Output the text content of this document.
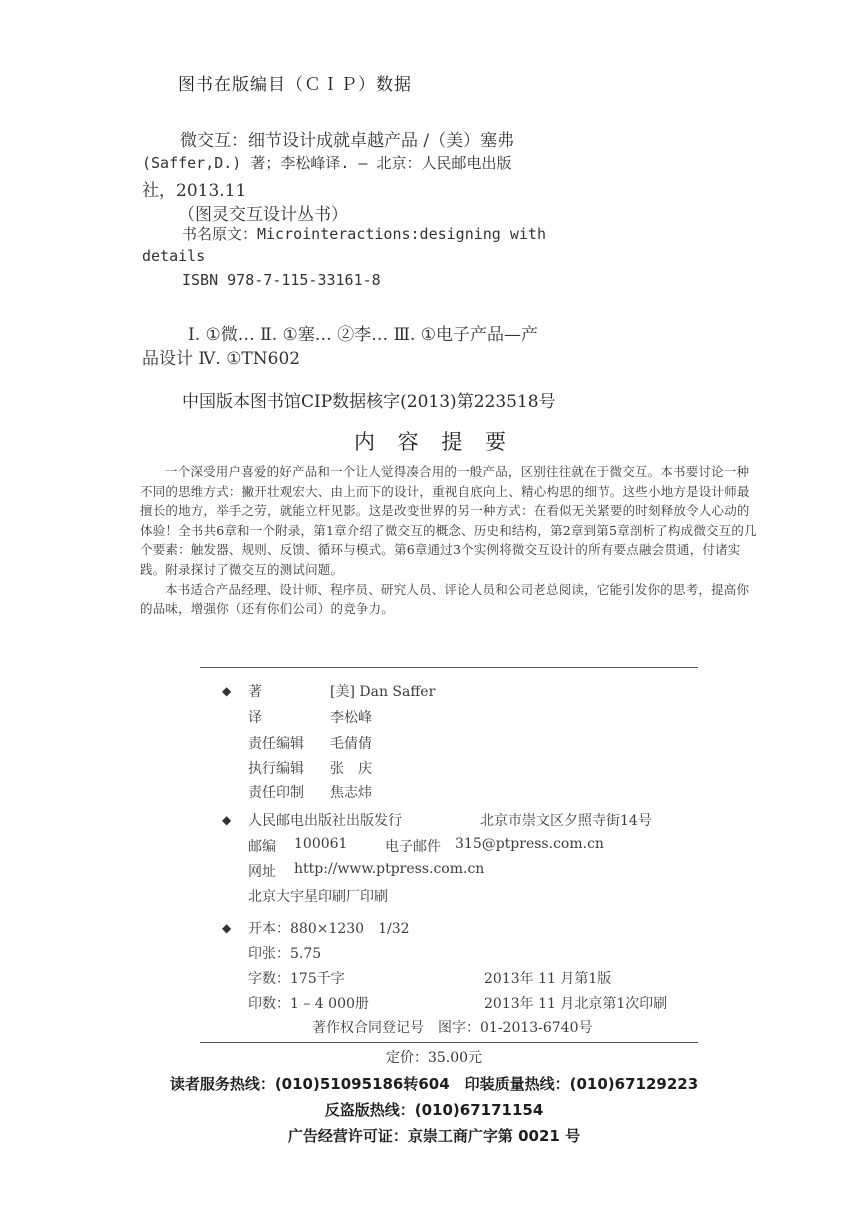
图书在版编目（ＣＩＰ）数据
微交互：细节设计成就卓越产品 /（美）塞弗
(Saffer,D.) 著；李松峰译. — 北京：人民邮电出版
社，2013.11
（图灵交互设计丛书）
书名原文：Microinteractions:designing with
details
ISBN 978-7-115-33161-8
Ⅰ. ①微… Ⅱ. ①塞… ②李… Ⅲ. ①电子产品—产
品设计 Ⅳ. ①TN602
中国版本图书馆CIP数据核字(2013)第223518号
内 容 提 要

一个深受用户喜爱的好产品和一个让人觉得凑合用的一般产品，区别往往就在于微交互。本书要讨论一种不同的思维方式：撇开壮观宏大、由上而下的设计，重视自底向上、精心构思的细节。这些小地方是设计师最擅长的地方，举手之劳，就能立杆见影。这是改变世界的另一种方式：在看似无关紧要的时刻释放令人心动的体验！全书共6章和一个附录，第1章介绍了微交互的概念、历史和结构，第2章到第5章剖析了构成微交互的几个要素：触发器、规则、反馈、循环与模式。第6章通过3个实例将微交互设计的所有要点融会贯通，付诸实践。附录探讨了微交互的测试问题。

本书适合产品经理、设计师、程序员、研究人员、评论人员和公司老总阅读，它能引发你的思考，提高你的品味，增强你（还有你们公司）的竞争力。

◆ 著	[美] Dan Saffer
译	李松峰
责任编辑 毛倩倩
执行编辑 张　庆
责任印制 焦志炜
◆ 人民邮电出版社出版发行	北京市崇文区夕照寺街14号
邮编 100061	电子邮件 315@ptpress.com.cn
网址 http://www.ptpress.com.cn
北京大宇星印刷厂印刷
◆ 开本：880×1230　1/32
印张：5.75
字数：175千字	2013年 11 月第1版
印数：1 – 4 000册	2013年 11 月北京第1次印刷
著作权合同登记号　图字：01-2013-6740号
定价：35.00元
读者服务热线：(010)51095186转604　印装质量热线：(010)67129223
反盗版热线：(010)67171154
广告经营许可证：京崇工商广字第 0021 号
